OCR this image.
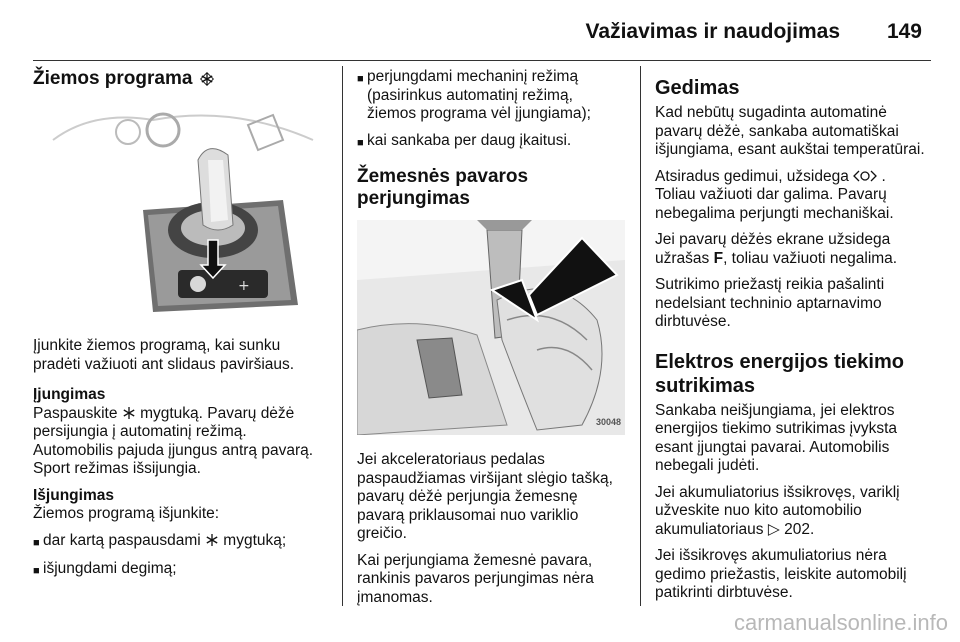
Važiavimas ir naudojimas 149
Žiemos programa
+

Įjunkite žiemos programą, kai sunku pradėti važiuoti ant slidaus paviršiaus.

Įjungimas

Paspauskite mygtuką. Pavarų dėžė persijungia į automatinį režimą. Automobilis pajuda įjungus antrą pavarą. Sport režimas išsijungia.

Išjungimas

Žiemos programą išjunkite:

■ dar kartą paspausdami mygtuką;
■ išjungdami degimą;
■ perjungdami mechaninį režimą (pasirinkus automatinį režimą, žiemos programa vėl įjungiama);
■ kai sankaba per daug įkaitusi.
Žemesnės pavaros perjungimas
30048

Jei akceleratoriaus pedalas paspaudžiamas viršijant slėgio tašką, pavarų dėžė perjungia žemesnę pavarą priklausomai nuo variklio greičio.

Kai perjungiama žemesnė pavara, rankinis pavaros perjungimas nėra įmanomas.

Gedimas

Kad nebūtų sugadinta automatinė pavarų dėžė, sankaba automatiškai išjungiama, esant aukštai temperatūrai.

Atsiradus gedimui, užsidega . Toliau važiuoti dar galima. Pavarų nebegalima perjungti mechaniškai.

Jei pavarų dėžės ekrane užsidega užrašas F, toliau važiuoti negalima.

Sutrikimo priežastį reikia pašalinti nedelsiant techninio aptarnavimo dirbtuvėse.

Elektros energijos tiekimo sutrikimas

Sankaba neišjungiama, jei elektros energijos tiekimo sutrikimas įvyksta esant įjungtai pavarai. Automobilis nebegali judėti.

Jei akumuliatorius išsikrovęs, variklį užveskite nuo kito automobilio akumuliatoriaus ▷ 202.

Jei išsikrovęs akumuliatorius nėra gedimo priežastis, leiskite automobilį patikrinti dirbtuvėse.

carmanualsonline.info
